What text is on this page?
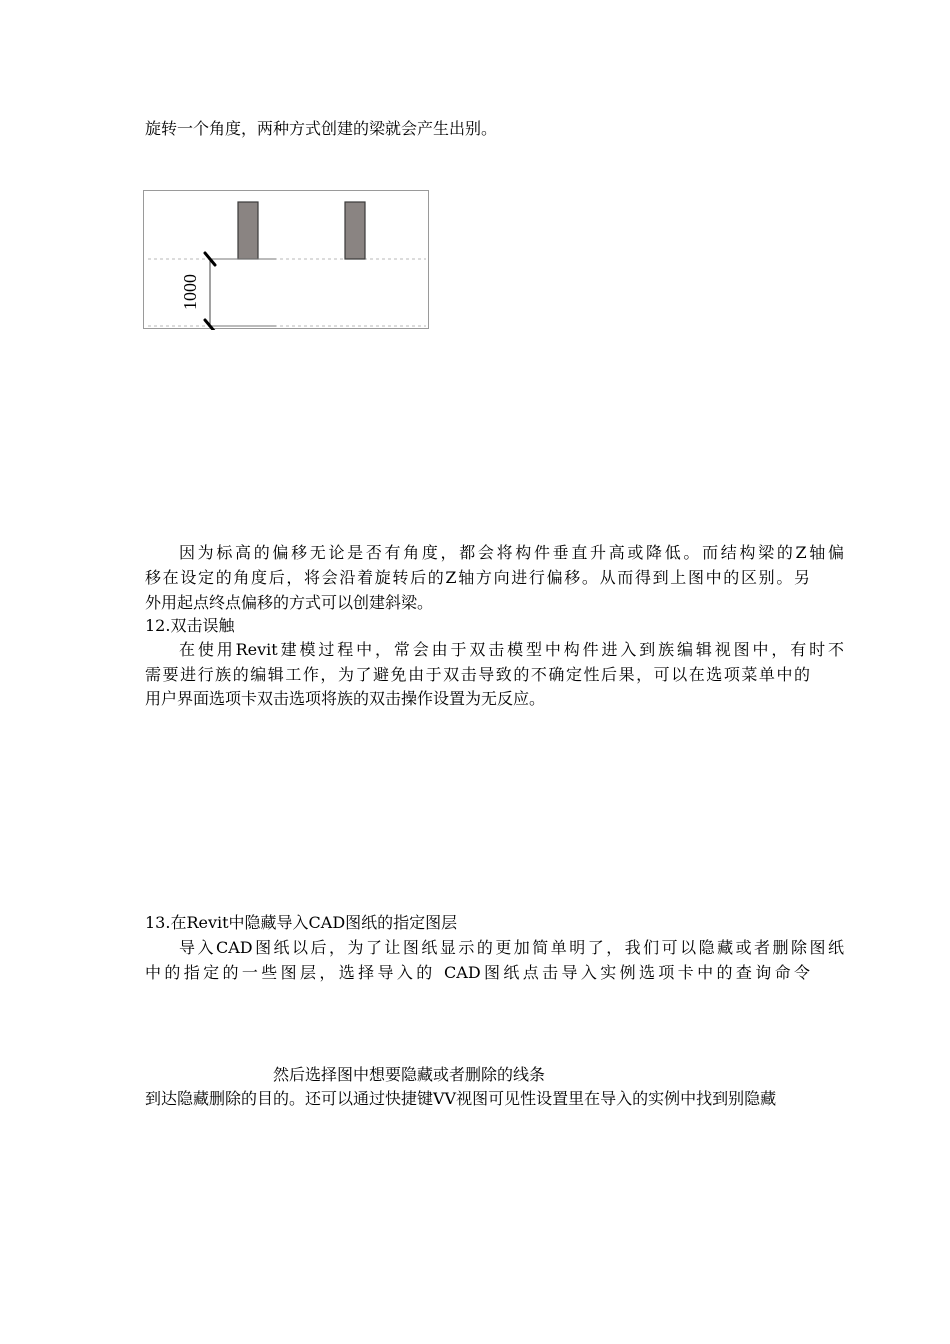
旋转一个角度，两种方式创建的梁就会产生出别。
1000
因为标高的偏移无论是否有角度，都会将构件垂直升高或降低。而结构梁的Z轴偏
移在设定的角度后，将会沿着旋转后的Z轴方向进行偏移。从而得到上图中的区别。另
外用起点终点偏移的方式可以创建斜梁。
12.双击误触
在使用Revit建模过程中，常会由于双击模型中构件进入到族编辑视图中，有时不
需要进行族的编辑工作，为了避免由于双击导致的不确定性后果，可以在选项菜单中的
用户界面选项卡双击选项将族的双击操作设置为无反应。
13.在Revit中隐藏导入CAD图纸的指定图层
导入CAD图纸以后，为了让图纸显示的更加简单明了，我们可以隐藏或者删除图纸
中的指定的一些图层，选择导入的 CAD图纸点击导入实例选项卡中的查询命令
然后选择图中想要隐藏或者删除的线条
到达隐藏删除的目的。还可以通过快捷键VV视图可见性设置里在导入的实例中找到别隐藏
